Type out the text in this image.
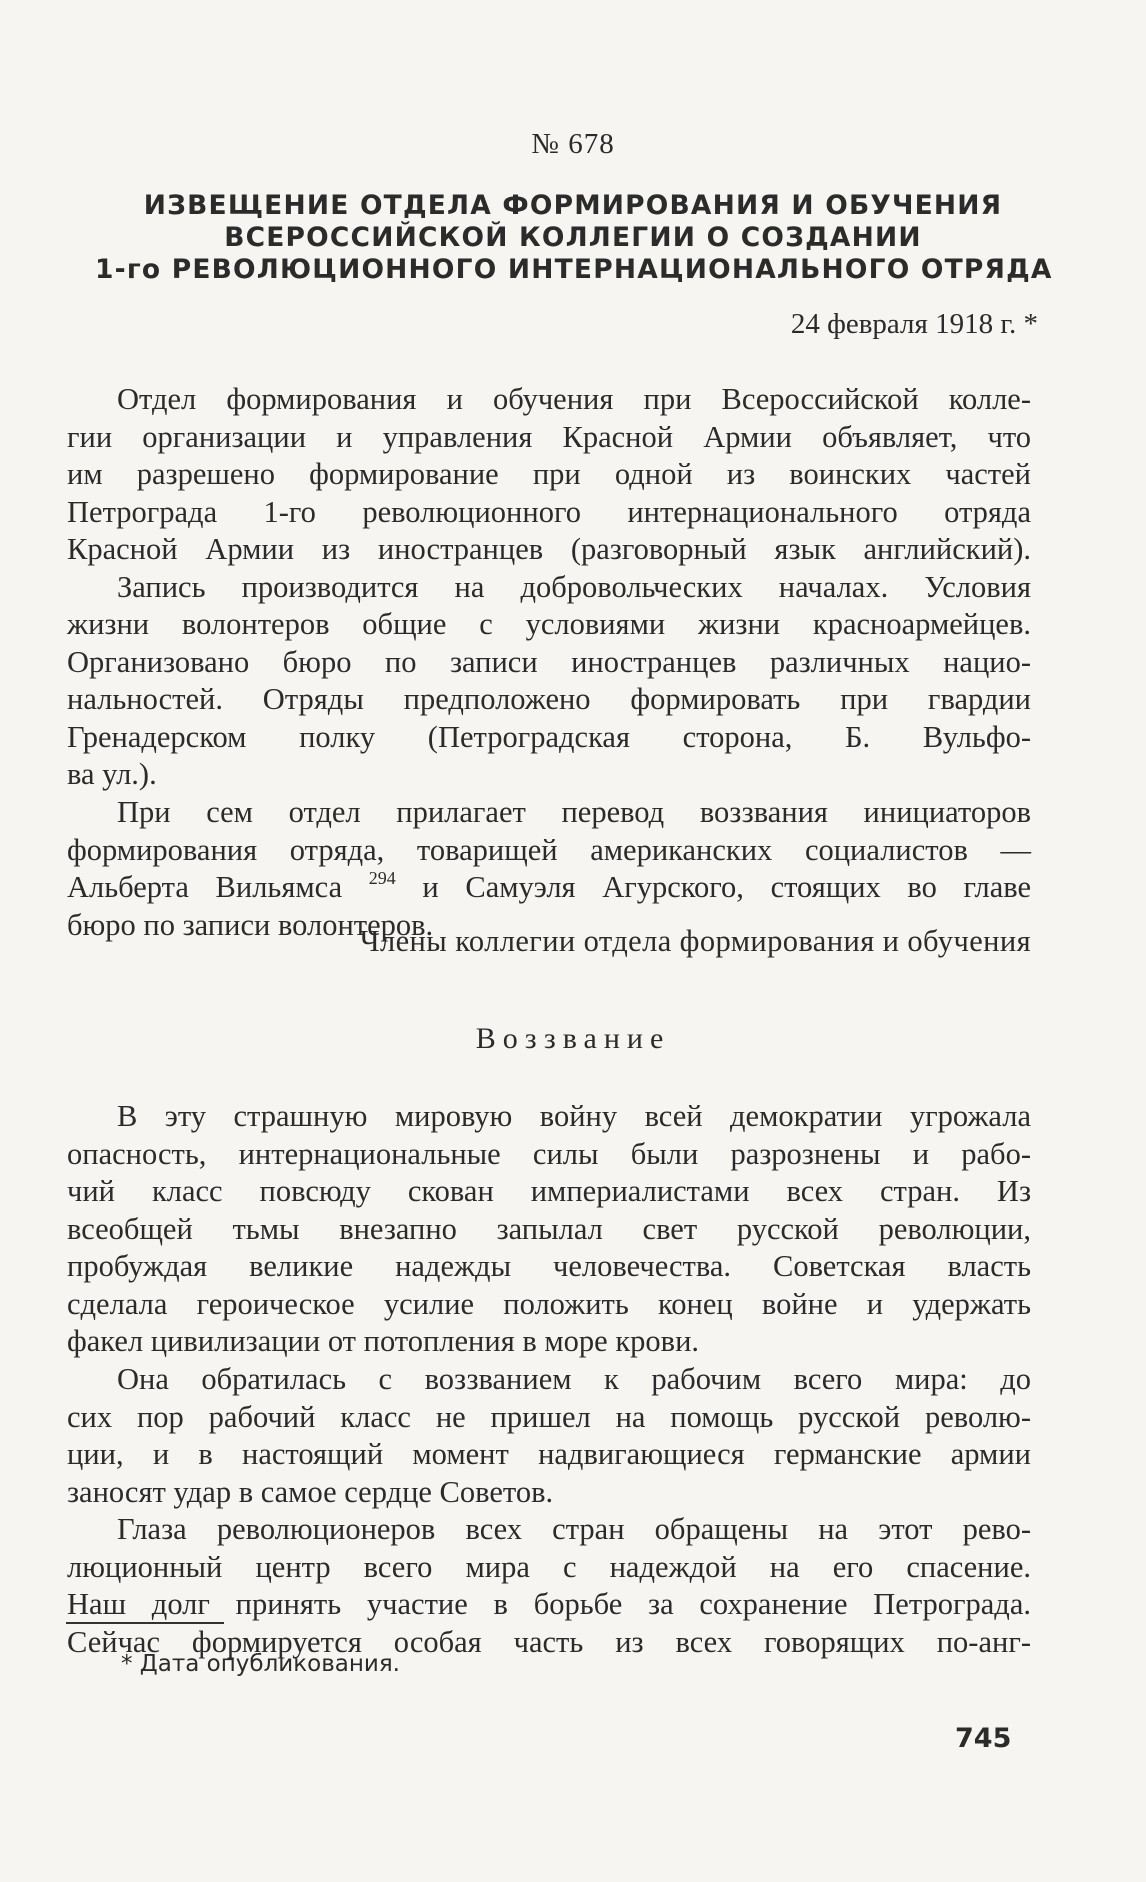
№ 678
ИЗВЕЩЕНИЕ ОТДЕЛА ФОРМИРОВАНИЯ И ОБУЧЕНИЯ
ВСЕРОССИЙСКОЙ КОЛЛЕГИИ О СОЗДАНИИ
1-го РЕВОЛЮЦИОННОГО ИНТЕРНАЦИОНАЛЬНОГО ОТРЯДА
24 февраля 1918 г. *
Отдел формирования и обучения при Всероссийской колле-
гии организации и управления Красной Армии объявляет, что
им разрешено формирование при одной из воинских частей
Петрограда 1-го революционного интернационального отряда
Красной Армии из иностранцев (разговорный язык английский).
Запись производится на добровольческих началах. Условия
жизни волонтеров общие с условиями жизни красноармейцев.
Организовано бюро по записи иностранцев различных нацио-
нальностей. Отряды предположено формировать при гвардии
Гренадерском полку (Петроградская сторона, Б. Вульфо-
ва ул.).
При сем отдел прилагает перевод воззвания инициаторов
формирования отряда, товарищей американских социалистов —
Альберта Вильямса $^{294}$ и Самуэля Агурского, стоящих во главе
бюро по записи волонтеров.
Члены коллегии отдела формирования и обучения
Воззвание
В эту страшную мировую войну всей демократии угрожала
опасность, интернациональные силы были разрознены и рабо-
чий класс повсюду скован империалистами всех стран. Из
всеобщей тьмы внезапно запылал свет русской революции,
пробуждая великие надежды человечества. Советская власть
сделала героическое усилие положить конец войне и удержать
факел цивилизации от потопления в море крови.
Она обратилась с воззванием к рабочим всего мира: до
сих пор рабочий класс не пришел на помощь русской револю-
ции, и в настоящий момент надвигающиеся германские армии
заносят удар в самое сердце Советов.
Глаза революционеров всех стран обращены на этот рево-
люционный центр всего мира с надеждой на его спасение.
Наш долг принять участие в борьбе за сохранение Петрограда.
Сейчас формируется особая часть из всех говорящих по-анг-
* Дата опубликования.
745
